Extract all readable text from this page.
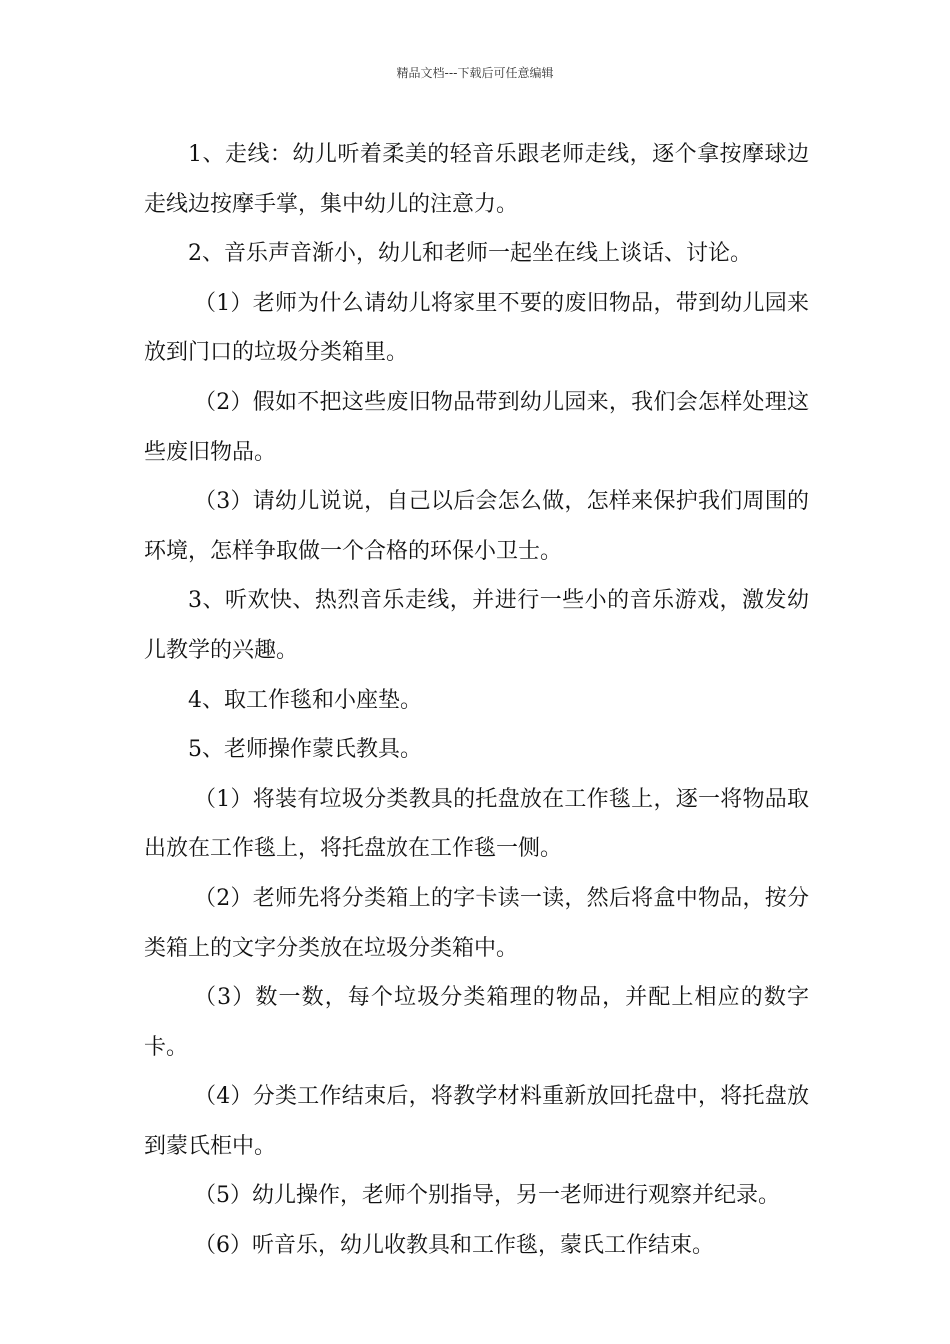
精品文档---下载后可任意编辑

1、走线：幼儿听着柔美的轻音乐跟老师走线，逐个拿按摩球边走线边按摩手掌，集中幼儿的注意力。

2、音乐声音渐小，幼儿和老师一起坐在线上谈话、讨论。

（1）老师为什么请幼儿将家里不要的废旧物品，带到幼儿园来放到门口的垃圾分类箱里。

（2）假如不把这些废旧物品带到幼儿园来，我们会怎样处理这些废旧物品。

（3）请幼儿说说，自己以后会怎么做，怎样来保护我们周围的环境，怎样争取做一个合格的环保小卫士。

3、听欢快、热烈音乐走线，并进行一些小的音乐游戏，激发幼儿教学的兴趣。

4、取工作毯和小座垫。

5、老师操作蒙氏教具。

（1）将装有垃圾分类教具的托盘放在工作毯上，逐一将物品取出放在工作毯上，将托盘放在工作毯一侧。

（2）老师先将分类箱上的字卡读一读，然后将盒中物品，按分类箱上的文字分类放在垃圾分类箱中。

（3）数一数，每个垃圾分类箱理的物品，并配上相应的数字卡。

（4）分类工作结束后，将教学材料重新放回托盘中，将托盘放到蒙氏柜中。

（5）幼儿操作，老师个别指导，另一老师进行观察并纪录。

（6）听音乐，幼儿收教具和工作毯，蒙氏工作结束。
